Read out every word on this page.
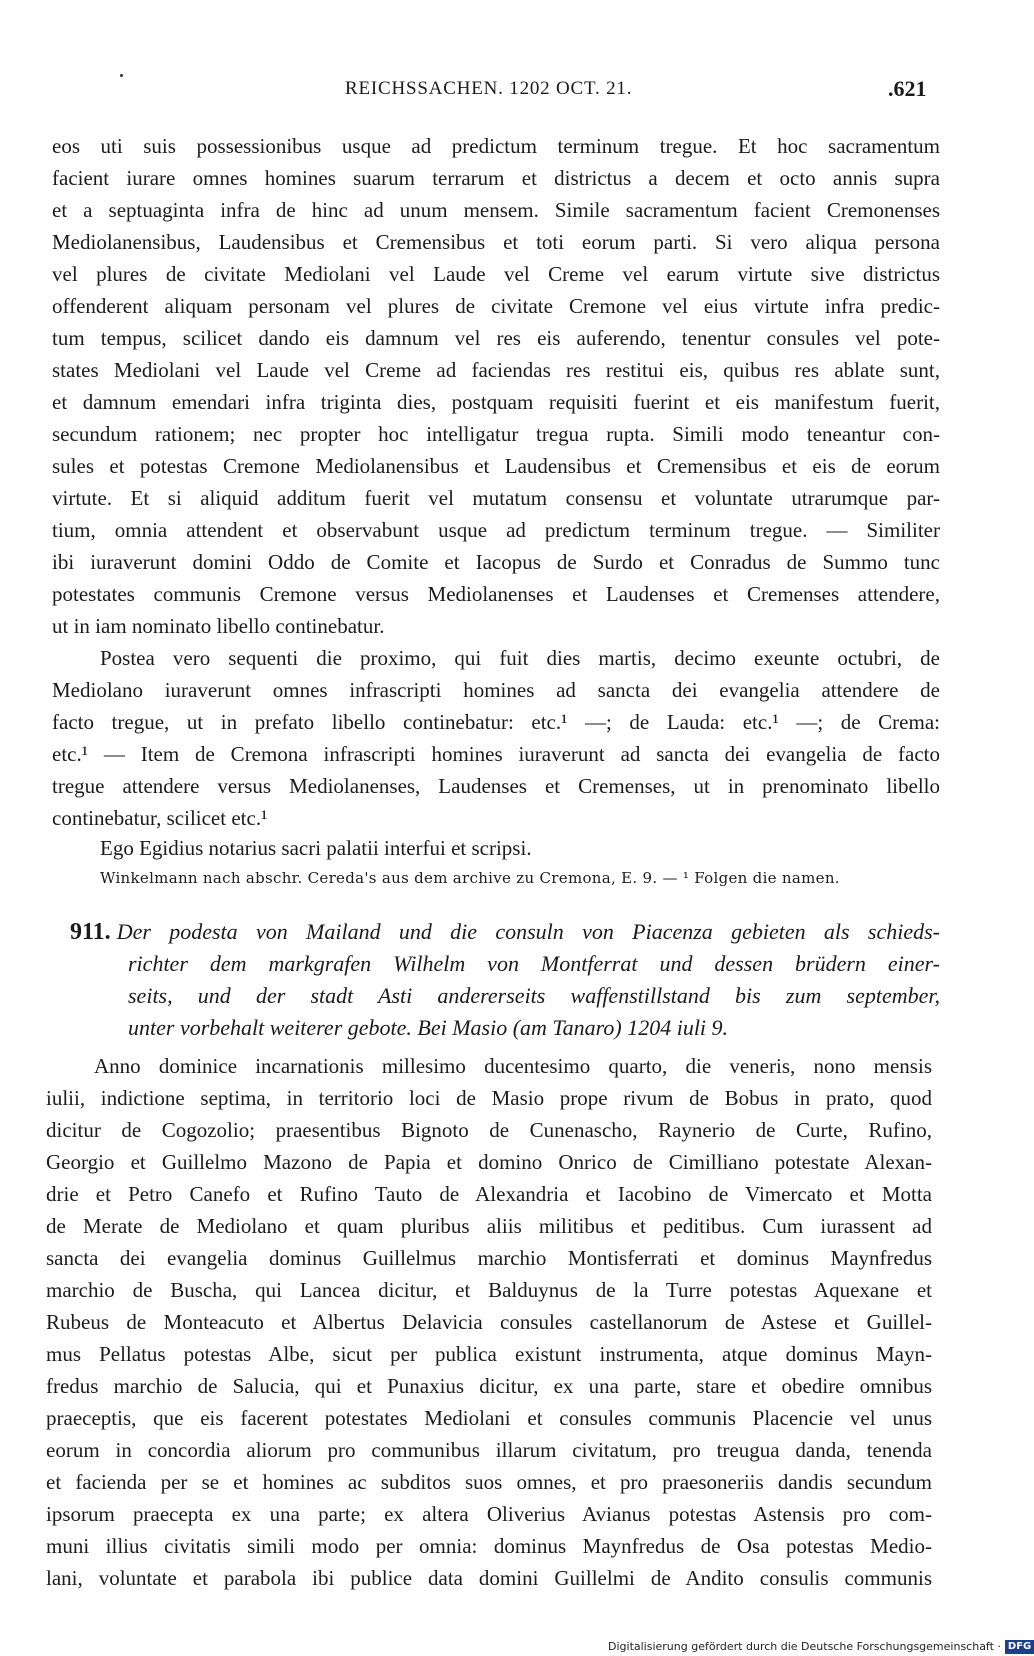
REICHSSACHEN. 1202 OCT. 21.	.621
eos uti suis possessionibus usque ad predictum terminum tregue. Et hoc sacramentum
facient iurare omnes homines suarum terrarum et districtus a decem et octo annis supra
et a septuaginta infra de hinc ad unum mensem. Simile sacramentum facient Cremonenses
Mediolanensibus, Laudensibus et Cremensibus et toti eorum parti. Si vero aliqua persona
vel plures de civitate Mediolani vel Laude vel Creme vel earum virtute sive districtus
offenderent aliquam personam vel plures de civitate Cremone vel eius virtute infra predic-
tum tempus, scilicet dando eis damnum vel res eis auferendo, tenentur consules vel pote-
states Mediolani vel Laude vel Creme ad faciendas res restitui eis, quibus res ablate sunt,
et damnum emendari infra triginta dies, postquam requisiti fuerint et eis manifestum fuerit,
secundum rationem; nec propter hoc intelligatur tregua rupta. Simili modo teneantur con-
sules et potestas Cremone Mediolanensibus et Laudensibus et Cremensibus et eis de eorum
virtute. Et si aliquid additum fuerit vel mutatum consensu et voluntate utrarumque par-
tium, omnia attendent et observabunt usque ad predictum terminum tregue. — Similiter
ibi iuraverunt domini Oddo de Comite et Iacopus de Surdo et Conradus de Summo tunc
potestates communis Cremone versus Mediolanenses et Laudenses et Cremenses attendere,
ut in iam nominato libello continebatur.
Postea vero sequenti die proximo, qui fuit dies martis, decimo exeunte octubri, de
Mediolano iuraverunt omnes infrascripti homines ad sancta dei evangelia attendere de
facto tregue, ut in prefato libello continebatur: etc.¹ —; de Lauda: etc.¹ —; de Crema:
etc.¹ — Item de Cremona infrascripti homines iuraverunt ad sancta dei evangelia de facto
tregue attendere versus Mediolanenses, Laudenses et Cremenses, ut in prenominato libello
continebatur, scilicet etc.¹
Ego Egidius notarius sacri palatii interfui et scripsi.
Winkelmann nach abschr. Cereda's aus dem archive zu Cremona, E. 9. — ¹ Folgen die namen.
911. Der podesta von Mailand und die consuln von Piacenza gebieten als schieds-
richter dem markgrafen Wilhelm von Montferrat und dessen brüdern einer-
seits, und der stadt Asti andererseits waffenstillstand bis zum september,
unter vorbehalt weiterer gebote. Bei Masio (am Tanaro) 1204 iuli 9.
Anno dominice incarnationis millesimo ducentesimo quarto, die veneris, nono mensis
iulii, indictione septima, in territorio loci de Masio prope rivum de Bobus in prato, quod
dicitur de Cogozolio; praesentibus Bignoto de Cunenascho, Raynerio de Curte, Rufino,
Georgio et Guillelmo Mazono de Papia et domino Onrico de Cimilliano potestate Alexan-
drie et Petro Canefo et Rufino Tauto de Alexandria et Iacobino de Vimercato et Motta
de Merate de Mediolano et quam pluribus aliis militibus et peditibus. Cum iurassent ad
sancta dei evangelia dominus Guillelmus marchio Montisferrati et dominus Maynfredus
marchio de Buscha, qui Lancea dicitur, et Balduynus de la Turre potestas Aquexane et
Rubeus de Monteacuto et Albertus Delavicia consules castellanorum de Astese et Guillel-
mus Pellatus potestas Albe, sicut per publica existunt instrumenta, atque dominus Mayn-
fredus marchio de Salucia, qui et Punaxius dicitur, ex una parte, stare et obedire omnibus
praeceptis, que eis facerent potestates Mediolani et consules communis Placencie vel unus
eorum in concordia aliorum pro communibus illarum civitatum, pro treugua danda, tenenda
et facienda per se et homines ac subditos suos omnes, et pro praesoneriis dandis secundum
ipsorum praecepta ex una parte; ex altera Oliverius Avianus potestas Astensis pro com-
muni illius civitatis simili modo per omnia: dominus Maynfredus de Osa potestas Medio-
lani, voluntate et parabola ibi publice data domini Guillelmi de Andito consulis communis
Digitalisierung gefördert durch die Deutsche Forschungsgemeinschaft · DFG
